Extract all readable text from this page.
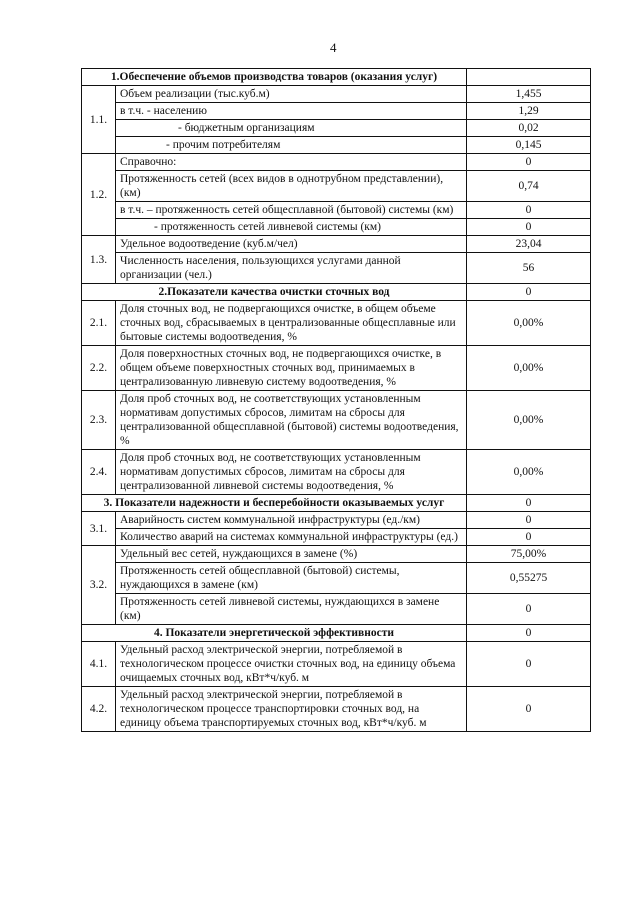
4
1.Обеспечение объемов производства товаров (оказания услуг)		
1.1.	Объем реализации (тыс.куб.м)	1,455
	в т.ч. - населению	1,29
	- бюджетным организациям	0,02
	- прочим потребителям	0,145
1.2.	Справочно:	0
	Протяженность сетей (всех видов в однотрубном представлении), (км)	0,74
	в т.ч. – протяженность сетей общесплавной (бытовой) системы (км)	0
	- протяженность сетей ливневой системы (км)	0
1.3.	Удельное водоотведение (куб.м/чел)	23,04
	Численность населения, пользующихся услугами данной организации (чел.)	56
2.Показатели качества очистки сточных вод		0
2.1.	Доля сточных вод, не подвергающихся очистке, в общем объеме сточных вод, сбрасываемых в централизованные общесплавные или бытовые системы водоотведения, %	0,00%
2.2.	Доля поверхностных сточных вод, не подвергающихся очистке, в общем объеме поверхностных сточных вод, принимаемых в централизованную ливневую систему водоотведения, %	0,00%
2.3.	Доля проб сточных вод, не соответствующих установленным нормативам допустимых сбросов, лимитам на сбросы для централизованной общесплавной (бытовой) системы водоотведения, %	0,00%
2.4.	Доля проб сточных вод, не соответствующих установленным нормативам допустимых сбросов, лимитам на сбросы для централизованной ливневой системы водоотведения, %	0,00%
3. Показатели надежности и бесперебойности оказываемых услуг		0
3.1.	Аварийность систем коммунальной инфраструктуры (ед./км)	0
	Количество аварий на системах коммунальной инфраструктуры (ед.)	0
3.2.	Удельный вес сетей, нуждающихся в замене (%)	75,00%
	Протяженность сетей общесплавной (бытовой) системы, нуждающихся в замене (км)	0,55275
	Протяженность сетей ливневой системы, нуждающихся в замене (км)	0
4. Показатели энергетической эффективности		0
4.1.	Удельный расход электрической энергии, потребляемой в технологическом процессе очистки сточных вод, на единицу объема очищаемых сточных вод, кВт*ч/куб. м	0
4.2.	Удельный расход электрической энергии, потребляемой в технологическом процессе транспортировки сточных вод, на единицу объема транспортируемых сточных вод, кВт*ч/куб. м	0
